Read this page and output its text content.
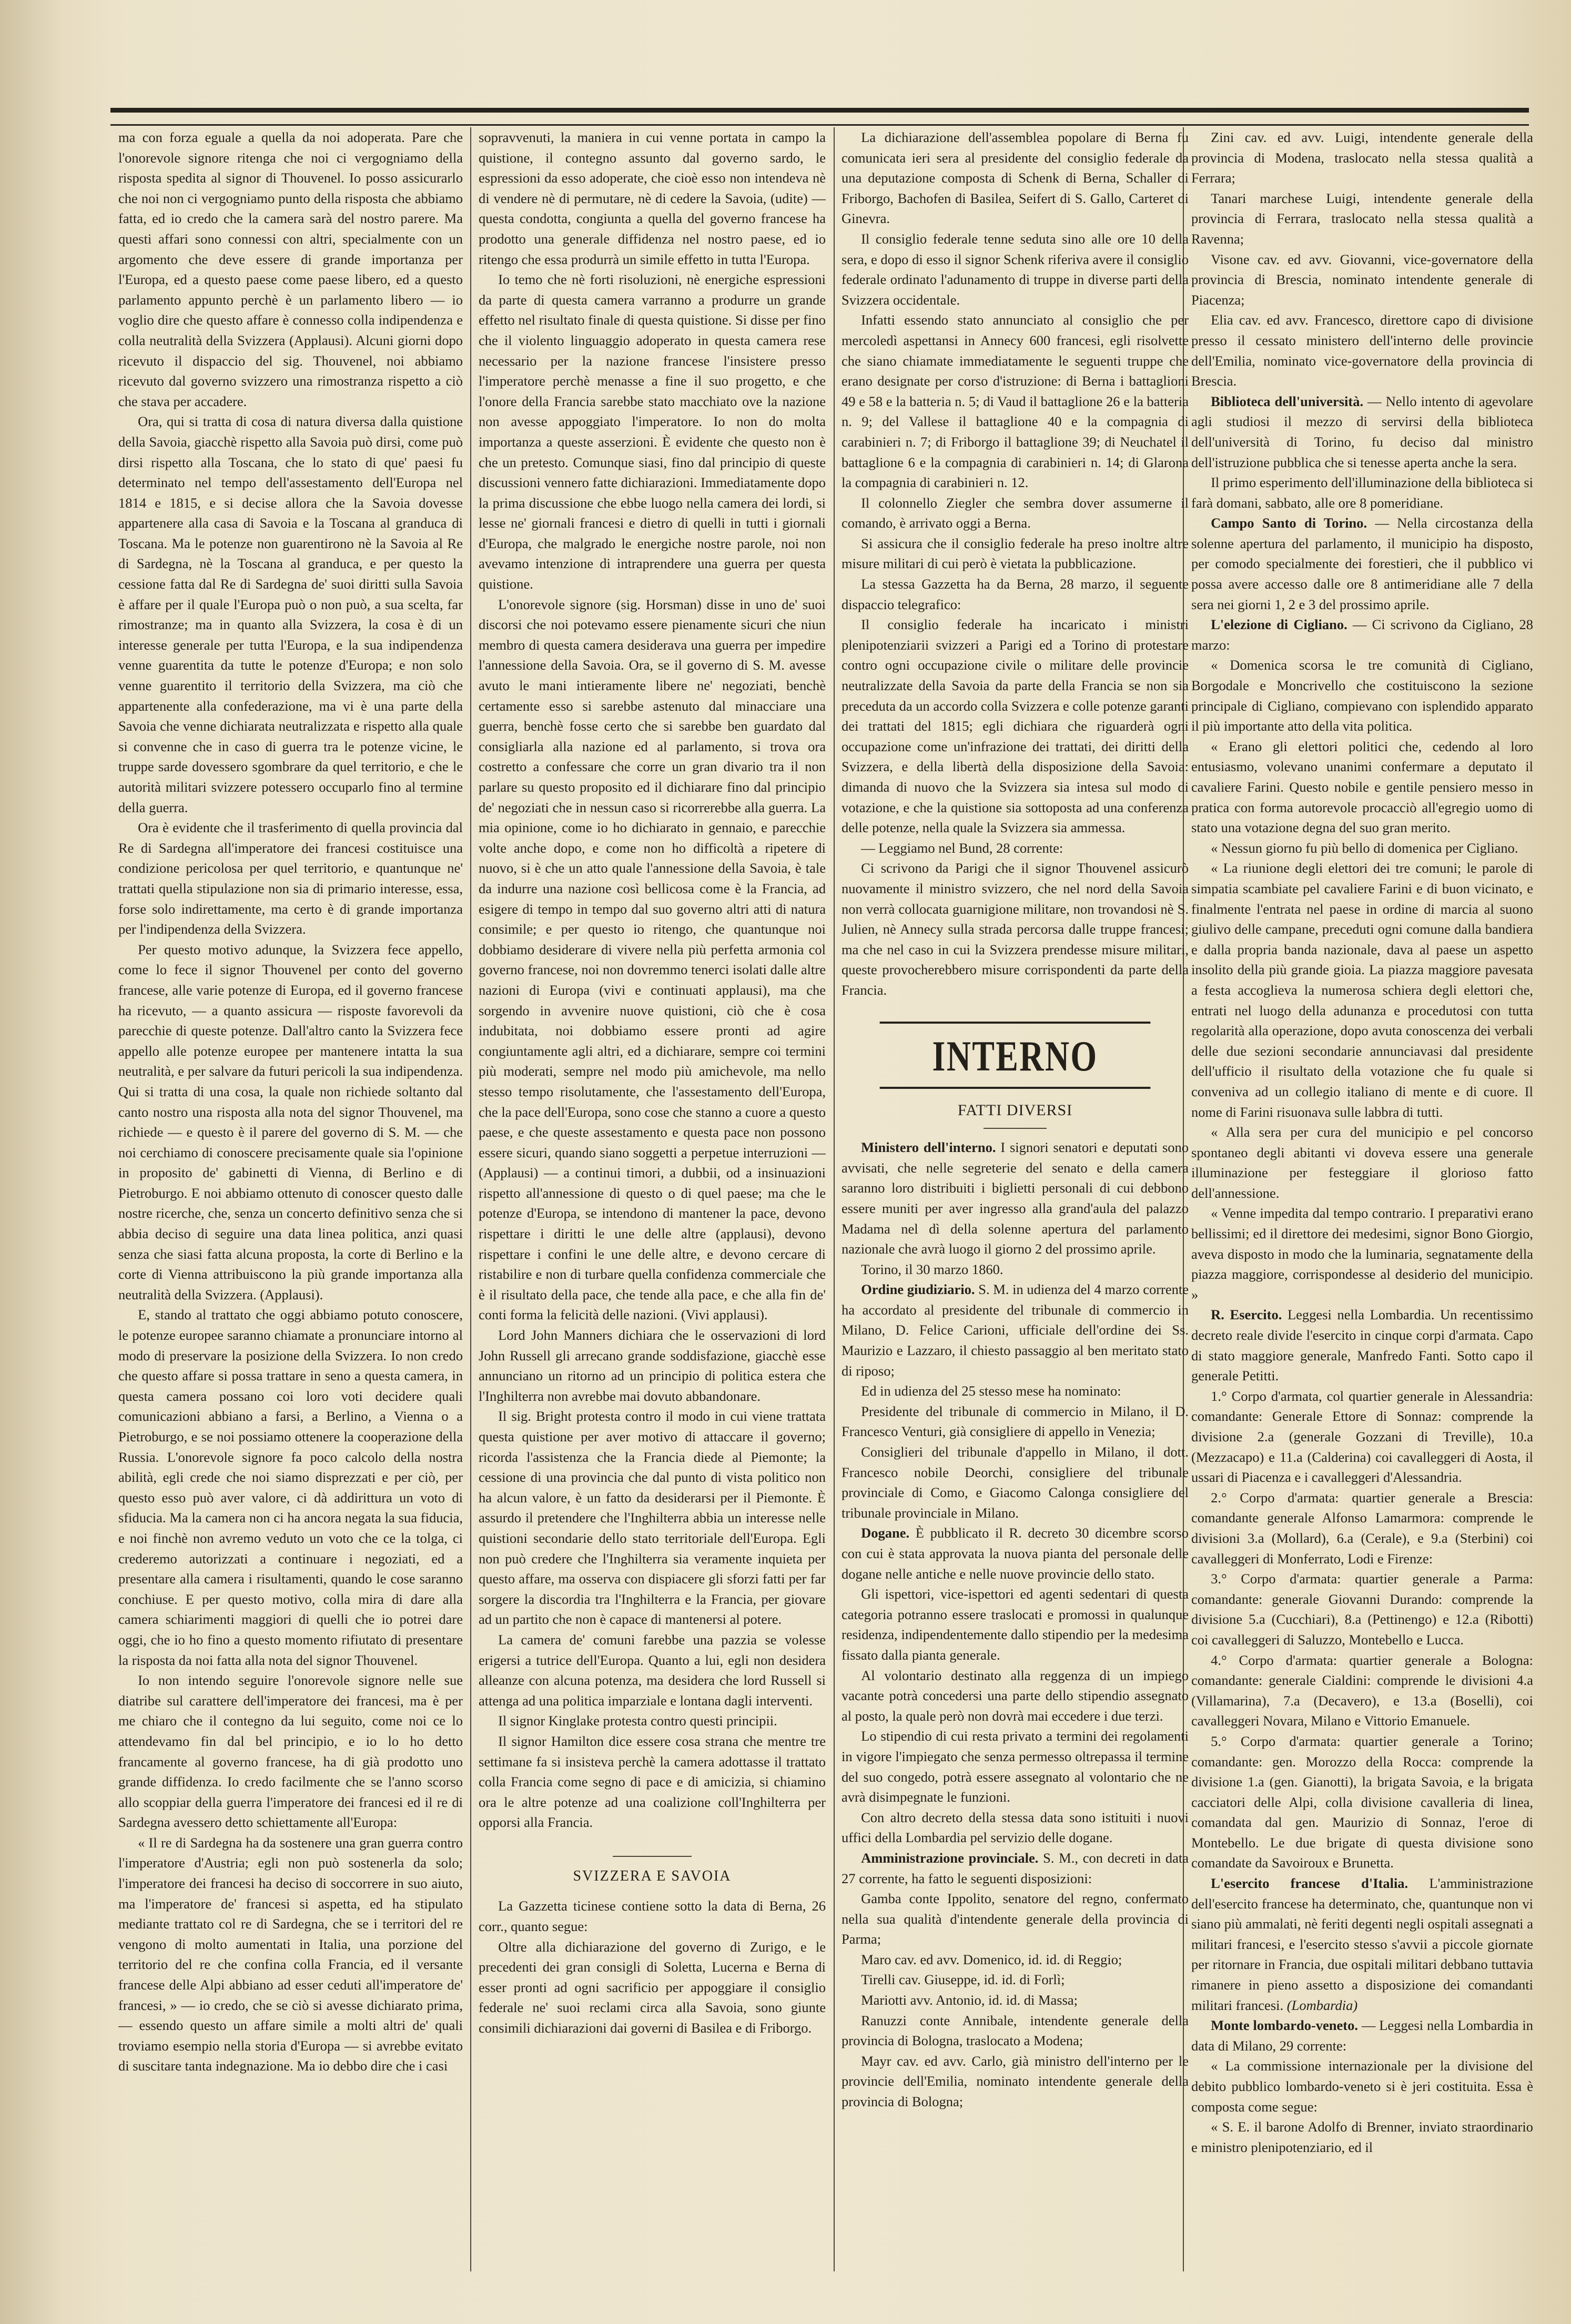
ma con forza eguale a quella da noi adoperata. Pare che l'onorevole signore ritenga che noi ci vergogniamo della risposta spedita al signor di Thouvenel. Io posso assicurarlo che noi non ci vergogniamo punto della risposta che abbiamo fatta, ed io credo che la camera sarà del nostro parere. Ma questi affari sono connessi con altri, specialmente con un argomento che deve essere di grande importanza per l'Europa, ed a questo paese come paese libero, ed a questo parlamento appunto perchè è un parlamento libero — io voglio dire che questo affare è connesso colla indipendenza e colla neutralità della Svizzera (Applausi). Alcuni giorni dopo ricevuto il dispaccio del sig. Thouvenel, noi abbiamo ricevuto dal governo svizzero una rimostranza rispetto a ciò che stava per accadere.

Ora, qui si tratta di cosa di natura diversa dalla quistione della Savoia, giacchè rispetto alla Savoia può dirsi, come può dirsi rispetto alla Toscana, che lo stato di que' paesi fu determinato nel tempo dell'assestamento dell'Europa nel 1814 e 1815, e si decise allora che la Savoia dovesse appartenere alla casa di Savoia e la Toscana al granduca di Toscana. Ma le potenze non guarentirono nè la Savoia al Re di Sardegna, nè la Toscana al granduca, e per questo la cessione fatta dal Re di Sardegna de' suoi diritti sulla Savoia è affare per il quale l'Europa può o non può, a sua scelta, far rimostranze; ma in quanto alla Svizzera, la cosa è di un interesse generale per tutta l'Europa, e la sua indipendenza venne guarentita da tutte le potenze d'Europa; e non solo venne guarentito il territorio della Svizzera, ma ciò che appartenente alla confederazione, ma vi è una parte della Savoia che venne dichiarata neutralizzata e rispetto alla quale si convenne che in caso di guerra tra le potenze vicine, le truppe sarde dovessero sgombrare da quel territorio, e che le autorità militari svizzere potessero occuparlo fino al termine della guerra.

Ora è evidente che il trasferimento di quella provincia dal Re di Sardegna all'imperatore dei francesi costituisce una condizione pericolosa per quel territorio, e quantunque ne' trattati quella stipulazione non sia di primario interesse, essa, forse solo indirettamente, ma certo è di grande importanza per l'indipendenza della Svizzera.

Per questo motivo adunque, la Svizzera fece appello, come lo fece il signor Thouvenel per conto del governo francese, alle varie potenze di Europa, ed il governo francese ha ricevuto, — a quanto assicura — risposte favorevoli da parecchie di queste potenze. Dall'altro canto la Svizzera fece appello alle potenze europee per mantenere intatta la sua neutralità, e per salvare da futuri pericoli la sua indipendenza. Qui si tratta di una cosa, la quale non richiede soltanto dal canto nostro una risposta alla nota del signor Thouvenel, ma richiede — e questo è il parere del governo di S. M. — che noi cerchiamo di conoscere precisamente quale sia l'opinione in proposito de' gabinetti di Vienna, di Berlino e di Pietroburgo. E noi abbiamo ottenuto di conoscer questo dalle nostre ricerche, che, senza un concerto definitivo senza che si abbia deciso di seguire una data linea politica, anzi quasi senza che siasi fatta alcuna proposta, la corte di Berlino e la corte di Vienna attribuiscono la più grande importanza alla neutralità della Svizzera. (Applausi).

E, stando al trattato che oggi abbiamo potuto conoscere, le potenze europee saranno chiamate a pronunciare intorno al modo di preservare la posizione della Svizzera. Io non credo che questo affare si possa trattare in seno a questa camera, in questa camera possano coi loro voti decidere quali comunicazioni abbiano a farsi, a Berlino, a Vienna o a Pietroburgo, e se noi possiamo ottenere la cooperazione della Russia. L'onorevole signore fa poco calcolo della nostra abilità, egli crede che noi siamo disprezzati e per ciò, per questo esso può aver valore, ci dà addirittura un voto di sfiducia. Ma la camera non ci ha ancora negata la sua fiducia, e noi finchè non avremo veduto un voto che ce la tolga, ci crederemo autorizzati a continuare i negoziati, ed a presentare alla camera i risultamenti, quando le cose saranno conchiuse. E per questo motivo, colla mira di dare alla camera schiarimenti maggiori di quelli che io potrei dare oggi, che io ho fino a questo momento rifiutato di presentare la risposta da noi fatta alla nota del signor Thouvenel.

Io non intendo seguire l'onorevole signore nelle sue diatribe sul carattere dell'imperatore dei francesi, ma è per me chiaro che il contegno da lui seguito, come noi ce lo attendevamo fin dal bel principio, e io lo ho detto francamente al governo francese, ha di già prodotto uno grande diffidenza. Io credo facilmente che se l'anno scorso allo scoppiar della guerra l'imperatore dei francesi ed il re di Sardegna avessero detto schiettamente all'Europa:

« Il re di Sardegna ha da sostenere una gran guerra contro l'imperatore d'Austria; egli non può sostenerla da solo; l'imperatore dei francesi ha deciso di soccorrere in suo aiuto, ma l'imperatore de' francesi si aspetta, ed ha stipulato mediante trattato col re di Sardegna, che se i territori del re vengono di molto aumentati in Italia, una porzione del territorio del re che confina colla Francia, ed il versante francese delle Alpi abbiano ad esser ceduti all'imperatore de' francesi, » — io credo, che se ciò si avesse dichiarato prima, — essendo questo un affare simile a molti altri de' quali troviamo esempio nella storia d'Europa — si avrebbe evitato di suscitare tanta indegnazione. Ma io debbo dire che i casi

sopravvenuti, la maniera in cui venne portata in campo la quistione, il contegno assunto dal governo sardo, le espressioni da esso adoperate, che cioè esso non intendeva nè di vendere nè di permutare, nè di cedere la Savoia, (udite) — questa condotta, congiunta a quella del governo francese ha prodotto una generale diffidenza nel nostro paese, ed io ritengo che essa produrrà un simile effetto in tutta l'Europa.

Io temo che nè forti risoluzioni, nè energiche espressioni da parte di questa camera varranno a produrre un grande effetto nel risultato finale di questa quistione. Si disse per fino che il violento linguaggio adoperato in questa camera rese necessario per la nazione francese l'insistere presso l'imperatore perchè menasse a fine il suo progetto, e che l'onore della Francia sarebbe stato macchiato ove la nazione non avesse appoggiato l'imperatore. Io non do molta importanza a queste asserzioni. È evidente che questo non è che un pretesto. Comunque siasi, fino dal principio di queste discussioni vennero fatte dichiarazioni. Immediatamente dopo la prima discussione che ebbe luogo nella camera dei lordi, si lesse ne' giornali francesi e dietro di quelli in tutti i giornali d'Europa, che malgrado le energiche nostre parole, noi non avevamo intenzione di intraprendere una guerra per questa quistione.

L'onorevole signore (sig. Horsman) disse in uno de' suoi discorsi che noi potevamo essere pienamente sicuri che niun membro di questa camera desiderava una guerra per impedire l'annessione della Savoia. Ora, se il governo di S. M. avesse avuto le mani intieramente libere ne' negoziati, benchè certamente esso si sarebbe astenuto dal minacciare una guerra, benchè fosse certo che si sarebbe ben guardato dal consigliarla alla nazione ed al parlamento, si trova ora costretto a confessare che corre un gran divario tra il non parlare su questo proposito ed il dichiarare fino dal principio de' negoziati che in nessun caso si ricorrerebbe alla guerra. La mia opinione, come io ho dichiarato in gennaio, e parecchie volte anche dopo, e come non ho difficoltà a ripetere di nuovo, si è che un atto quale l'annessione della Savoia, è tale da indurre una nazione così bellicosa come è la Francia, ad esigere di tempo in tempo dal suo governo altri atti di natura consimile; e per questo io ritengo, che quantunque noi dobbiamo desiderare di vivere nella più perfetta armonia col governo francese, noi non dovremmo tenerci isolati dalle altre nazioni di Europa (vivi e continuati applausi), ma che sorgendo in avvenire nuove quistioni, ciò che è cosa indubitata, noi dobbiamo essere pronti ad agire congiuntamente agli altri, ed a dichiarare, sempre coi termini più moderati, sempre nel modo più amichevole, ma nello stesso tempo risolutamente, che l'assestamento dell'Europa, che la pace dell'Europa, sono cose che stanno a cuore a questo paese, e che queste assestamento e questa pace non possono essere sicuri, quando siano soggetti a perpetue interruzioni — (Applausi) — a continui timori, a dubbii, od a insinuazioni rispetto all'annessione di questo o di quel paese; ma che le potenze d'Europa, se intendono di mantener la pace, devono rispettare i diritti le une delle altre (applausi), devono rispettare i confini le une delle altre, e devono cercare di ristabilire e non di turbare quella confidenza commerciale che è il risultato della pace, che tende alla pace, e che alla fin de' conti forma la felicità delle nazioni. (Vivi applausi).

Lord John Manners dichiara che le osservazioni di lord John Russell gli arrecano grande soddisfazione, giacchè esse annunciano un ritorno ad un principio di politica estera che l'Inghilterra non avrebbe mai dovuto abbandonare.

Il sig. Bright protesta contro il modo in cui viene trattata questa quistione per aver motivo di attaccare il governo; ricorda l'assistenza che la Francia diede al Piemonte; la cessione di una provincia che dal punto di vista politico non ha alcun valore, è un fatto da desiderarsi per il Piemonte. È assurdo il pretendere che l'Inghilterra abbia un interesse nelle quistioni secondarie dello stato territoriale dell'Europa. Egli non può credere che l'Inghilterra sia veramente inquieta per questo affare, ma osserva con dispiacere gli sforzi fatti per far sorgere la discordia tra l'Inghilterra e la Francia, per giovare ad un partito che non è capace di mantenersi al potere.

La camera de' comuni farebbe una pazzia se volesse erigersi a tutrice dell'Europa. Quanto a lui, egli non desidera alleanze con alcuna potenza, ma desidera che lord Russell si attenga ad una politica imparziale e lontana dagli interventi.

Il signor Kinglake protesta contro questi principii.

Il signor Hamilton dice essere cosa strana che mentre tre settimane fa si insisteva perchè la camera adottasse il trattato colla Francia come segno di pace e di amicizia, si chiamino ora le altre potenze ad una coalizione coll'Inghilterra per opporsi alla Francia.

SVIZZERA E SAVOIA

La Gazzetta ticinese contiene sotto la data di Berna, 26 corr., quanto segue:

Oltre alla dichiarazione del governo di Zurigo, e le precedenti dei gran consigli di Soletta, Lucerna e Berna di esser pronti ad ogni sacrificio per appoggiare il consiglio federale ne' suoi reclami circa alla Savoia, sono giunte consimili dichiarazioni dai governi di Basilea e di Friborgo.

La dichiarazione dell'assemblea popolare di Berna fu comunicata ieri sera al presidente del consiglio federale da una deputazione composta di Schenk di Berna, Schaller di Friborgo, Bachofen di Basilea, Seifert di S. Gallo, Carteret di Ginevra.

Il consiglio federale tenne seduta sino alle ore 10 della sera, e dopo di esso il signor Schenk riferiva avere il consiglio federale ordinato l'adunamento di truppe in diverse parti della Svizzera occidentale.

Infatti essendo stato annunciato al consiglio che per mercoledì aspettansi in Annecy 600 francesi, egli risolvette che siano chiamate immediatamente le seguenti truppe che erano designate per corso d'istruzione: di Berna i battaglioni 49 e 58 e la batteria n. 5; di Vaud il battaglione 26 e la batteria n. 9; del Vallese il battaglione 40 e la compagnia di carabinieri n. 7; di Friborgo il battaglione 39; di Neuchatel il battaglione 6 e la compagnia di carabinieri n. 14; di Glarona la compagnia di carabinieri n. 12.

Il colonnello Ziegler che sembra dover assumerne il comando, è arrivato oggi a Berna.

Si assicura che il consiglio federale ha preso inoltre altre misure militari di cui però è vietata la pubblicazione.

La stessa Gazzetta ha da Berna, 28 marzo, il seguente dispaccio telegrafico:

Il consiglio federale ha incaricato i ministri plenipotenziarii svizzeri a Parigi ed a Torino di protestare contro ogni occupazione civile o militare delle provincie neutralizzate della Savoia da parte della Francia se non sia preceduta da un accordo colla Svizzera e colle potenze garanti dei trattati del 1815; egli dichiara che riguarderà ogni occupazione come un'infrazione dei trattati, dei diritti della Svizzera, e della libertà della disposizione della Savoia: dimanda di nuovo che la Svizzera sia intesa sul modo di votazione, e che la quistione sia sottoposta ad una conferenza delle potenze, nella quale la Svizzera sia ammessa.

— Leggiamo nel Bund, 28 corrente:

Ci scrivono da Parigi che il signor Thouvenel assicurò nuovamente il ministro svizzero, che nel nord della Savoia non verrà collocata guarnigione militare, non trovandosi nè S. Julien, nè Annecy sulla strada percorsa dalle truppe francesi; ma che nel caso in cui la Svizzera prendesse misure militari, queste provocherebbero misure corrispondenti da parte della Francia.

INTERNO
FATTI DIVERSI

Ministero dell'interno. I signori senatori e deputati sono avvisati, che nelle segreterie del senato e della camera saranno loro distribuiti i biglietti personali di cui debbono essere muniti per aver ingresso alla grand'aula del palazzo Madama nel dì della solenne apertura del parlamento nazionale che avrà luogo il giorno 2 del prossimo aprile.

Torino, il 30 marzo 1860.

Ordine giudiziario. S. M. in udienza del 4 marzo corrente ha accordato al presidente del tribunale di commercio in Milano, D. Felice Carioni, ufficiale dell'ordine dei Ss. Maurizio e Lazzaro, il chiesto passaggio al ben meritato stato di riposo;

Ed in udienza del 25 stesso mese ha nominato:

Presidente del tribunale di commercio in Milano, il D. Francesco Venturi, già consigliere di appello in Venezia;

Consiglieri del tribunale d'appello in Milano, il dott. Francesco nobile Deorchi, consigliere del tribunale provinciale di Como, e Giacomo Calonga consigliere del tribunale provinciale in Milano.

Dogane. È pubblicato il R. decreto 30 dicembre scorso con cui è stata approvata la nuova pianta del personale delle dogane nelle antiche e nelle nuove provincie dello stato.

Gli ispettori, vice-ispettori ed agenti sedentari di questa categoria potranno essere traslocati e promossi in qualunque residenza, indipendentemente dallo stipendio per la medesima fissato dalla pianta generale.

Al volontario destinato alla reggenza di un impiego vacante potrà concedersi una parte dello stipendio assegnato al posto, la quale però non dovrà mai eccedere i due terzi.

Lo stipendio di cui resta privato a termini dei regolamenti in vigore l'impiegato che senza permesso oltrepassa il termine del suo congedo, potrà essere assegnato al volontario che ne avrà disimpegnate le funzioni.

Con altro decreto della stessa data sono istituiti i nuovi uffici della Lombardia pel servizio delle dogane.

Amministrazione provinciale. S. M., con decreti in data 27 corrente, ha fatto le seguenti disposizioni:

Gamba conte Ippolito, senatore del regno, confermato nella sua qualità d'intendente generale della provincia di Parma;

Maro cav. ed avv. Domenico, id. id. di Reggio;

Tirelli cav. Giuseppe, id. id. di Forlì;

Mariotti avv. Antonio, id. id. di Massa;

Ranuzzi conte Annibale, intendente generale della provincia di Bologna, traslocato a Modena;

Mayr cav. ed avv. Carlo, già ministro dell'interno per le provincie dell'Emilia, nominato intendente generale della provincia di Bologna;

Zini cav. ed avv. Luigi, intendente generale della provincia di Modena, traslocato nella stessa qualità a Ferrara;

Tanari marchese Luigi, intendente generale della provincia di Ferrara, traslocato nella stessa qualità a Ravenna;

Visone cav. ed avv. Giovanni, vice-governatore della provincia di Brescia, nominato intendente generale di Piacenza;

Elia cav. ed avv. Francesco, direttore capo di divisione presso il cessato ministero dell'interno delle provincie dell'Emilia, nominato vice-governatore della provincia di Brescia.

Biblioteca dell'università. — Nello intento di agevolare agli studiosi il mezzo di servirsi della biblioteca dell'università di Torino, fu deciso dal ministro dell'istruzione pubblica che si tenesse aperta anche la sera.

Il primo esperimento dell'illuminazione della biblioteca si farà domani, sabbato, alle ore 8 pomeridiane.

Campo Santo di Torino. — Nella circostanza della solenne apertura del parlamento, il municipio ha disposto, per comodo specialmente dei forestieri, che il pubblico vi possa avere accesso dalle ore 8 antimeridiane alle 7 della sera nei giorni 1, 2 e 3 del prossimo aprile.

L'elezione di Cigliano. — Ci scrivono da Cigliano, 28 marzo:

« Domenica scorsa le tre comunità di Cigliano, Borgodale e Moncrivello che costituiscono la sezione principale di Cigliano, compievano con isplendido apparato il più importante atto della vita politica.

« Erano gli elettori politici che, cedendo al loro entusiasmo, volevano unanimi confermare a deputato il cavaliere Farini. Questo nobile e gentile pensiero messo in pratica con forma autorevole procacciò all'egregio uomo di stato una votazione degna del suo gran merito.

« Nessun giorno fu più bello di domenica per Cigliano.

« La riunione degli elettori dei tre comuni; le parole di simpatia scambiate pel cavaliere Farini e di buon vicinato, e finalmente l'entrata nel paese in ordine di marcia al suono giulivo delle campane, preceduti ogni comune dalla bandiera e dalla propria banda nazionale, dava al paese un aspetto insolito della più grande gioia. La piazza maggiore pavesata a festa accoglieva la numerosa schiera degli elettori che, entrati nel luogo della adunanza e procedutosi con tutta regolarità alla operazione, dopo avuta conoscenza dei verbali delle due sezioni secondarie annunciavasi dal presidente dell'ufficio il risultato della votazione che fu quale si conveniva ad un collegio italiano di mente e di cuore. Il nome di Farini risuonava sulle labbra di tutti.

« Alla sera per cura del municipio e pel concorso spontaneo degli abitanti vi doveva essere una generale illuminazione per festeggiare il glorioso fatto dell'annessione.

« Venne impedita dal tempo contrario. I preparativi erano bellissimi; ed il direttore dei medesimi, signor Bono Giorgio, aveva disposto in modo che la luminaria, segnatamente della piazza maggiore, corrispondesse al desiderio del municipio. »

R. Esercito. Leggesi nella Lombardia. Un recentissimo decreto reale divide l'esercito in cinque corpi d'armata. Capo di stato maggiore generale, Manfredo Fanti. Sotto capo il generale Petitti.

1.° Corpo d'armata, col quartier generale in Alessandria: comandante: Generale Ettore di Sonnaz: comprende la divisione 2.a (generale Gozzani di Treville), 10.a (Mezzacapo) e 11.a (Calderina) coi cavalleggeri di Aosta, il ussari di Piacenza e i cavalleggeri d'Alessandria.

2.° Corpo d'armata: quartier generale a Brescia: comandante generale Alfonso Lamarmora: comprende le divisioni 3.a (Mollard), 6.a (Cerale), e 9.a (Sterbini) coi cavalleggeri di Monferrato, Lodi e Firenze:

3.° Corpo d'armata: quartier generale a Parma: comandante: generale Giovanni Durando: comprende la divisione 5.a (Cucchiari), 8.a (Pettinengo) e 12.a (Ribotti) coi cavalleggeri di Saluzzo, Montebello e Lucca.

4.° Corpo d'armata: quartier generale a Bologna: comandante: generale Cialdini: comprende le divisioni 4.a (Villamarina), 7.a (Decavero), e 13.a (Boselli), coi cavalleggeri Novara, Milano e Vittorio Emanuele.

5.° Corpo d'armata: quartier generale a Torino; comandante: gen. Morozzo della Rocca: comprende la divisione 1.a (gen. Gianotti), la brigata Savoia, e la brigata cacciatori delle Alpi, colla divisione cavalleria di linea, comandata dal gen. Maurizio di Sonnaz, l'eroe di Montebello. Le due brigate di questa divisione sono comandate da Savoiroux e Brunetta.

L'esercito francese d'Italia. L'amministrazione dell'esercito francese ha determinato, che, quantunque non vi siano più ammalati, nè feriti degenti negli ospitali assegnati a militari francesi, e l'esercito stesso s'avvii a piccole giornate per ritornare in Francia, due ospitali militari debbano tuttavia rimanere in pieno assetto a disposizione dei comandanti militari francesi. (Lombardia)

Monte lombardo-veneto. — Leggesi nella Lombardia in data di Milano, 29 corrente:

« La commissione internazionale per la divisione del debito pubblico lombardo-veneto si è jeri costituita. Essa è composta come segue:

« S. E. il barone Adolfo di Brenner, inviato straordinario e ministro plenipotenziario, ed il
